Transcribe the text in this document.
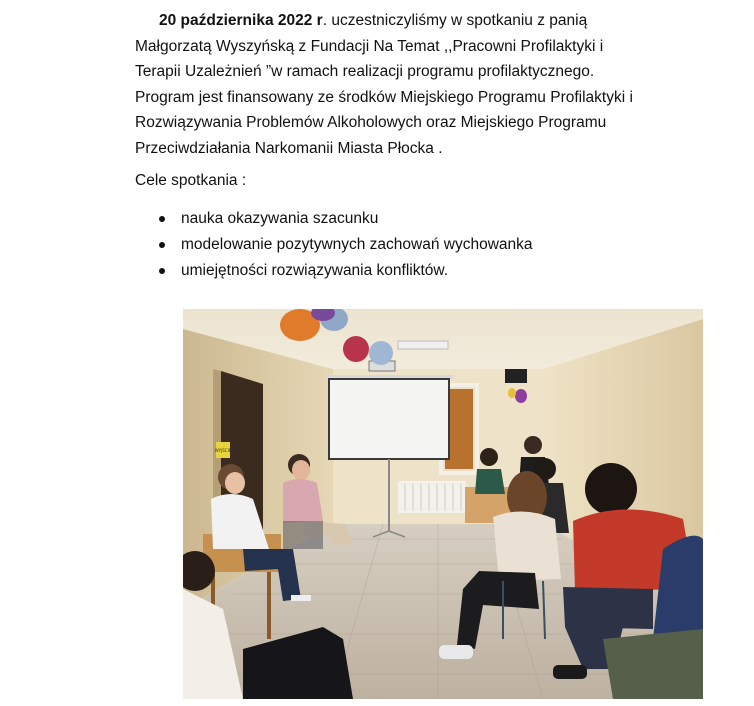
20 października 2022 r. uczestniczyliśmy w spotkaniu z panią
Małgorzatą Wyszyńską z Fundacji Na Temat ,,Pracowni Profilaktyki i
Terapii Uzależnień ”w ramach realizacji programu profilaktycznego.
Program jest finansowany ze środków Miejskiego Programu Profilaktyki i
Rozwiązywania Problemów Alkoholowych oraz Miejskiego Programu
Przeciwdziałania Narkomanii Miasta Płocka .
Cele spotkania :
nauka okazywania szacunku
modelowanie pozytywnych zachowań wychowanka
umiejętności rozwiązywania konfliktów.
WYJŚCIE
